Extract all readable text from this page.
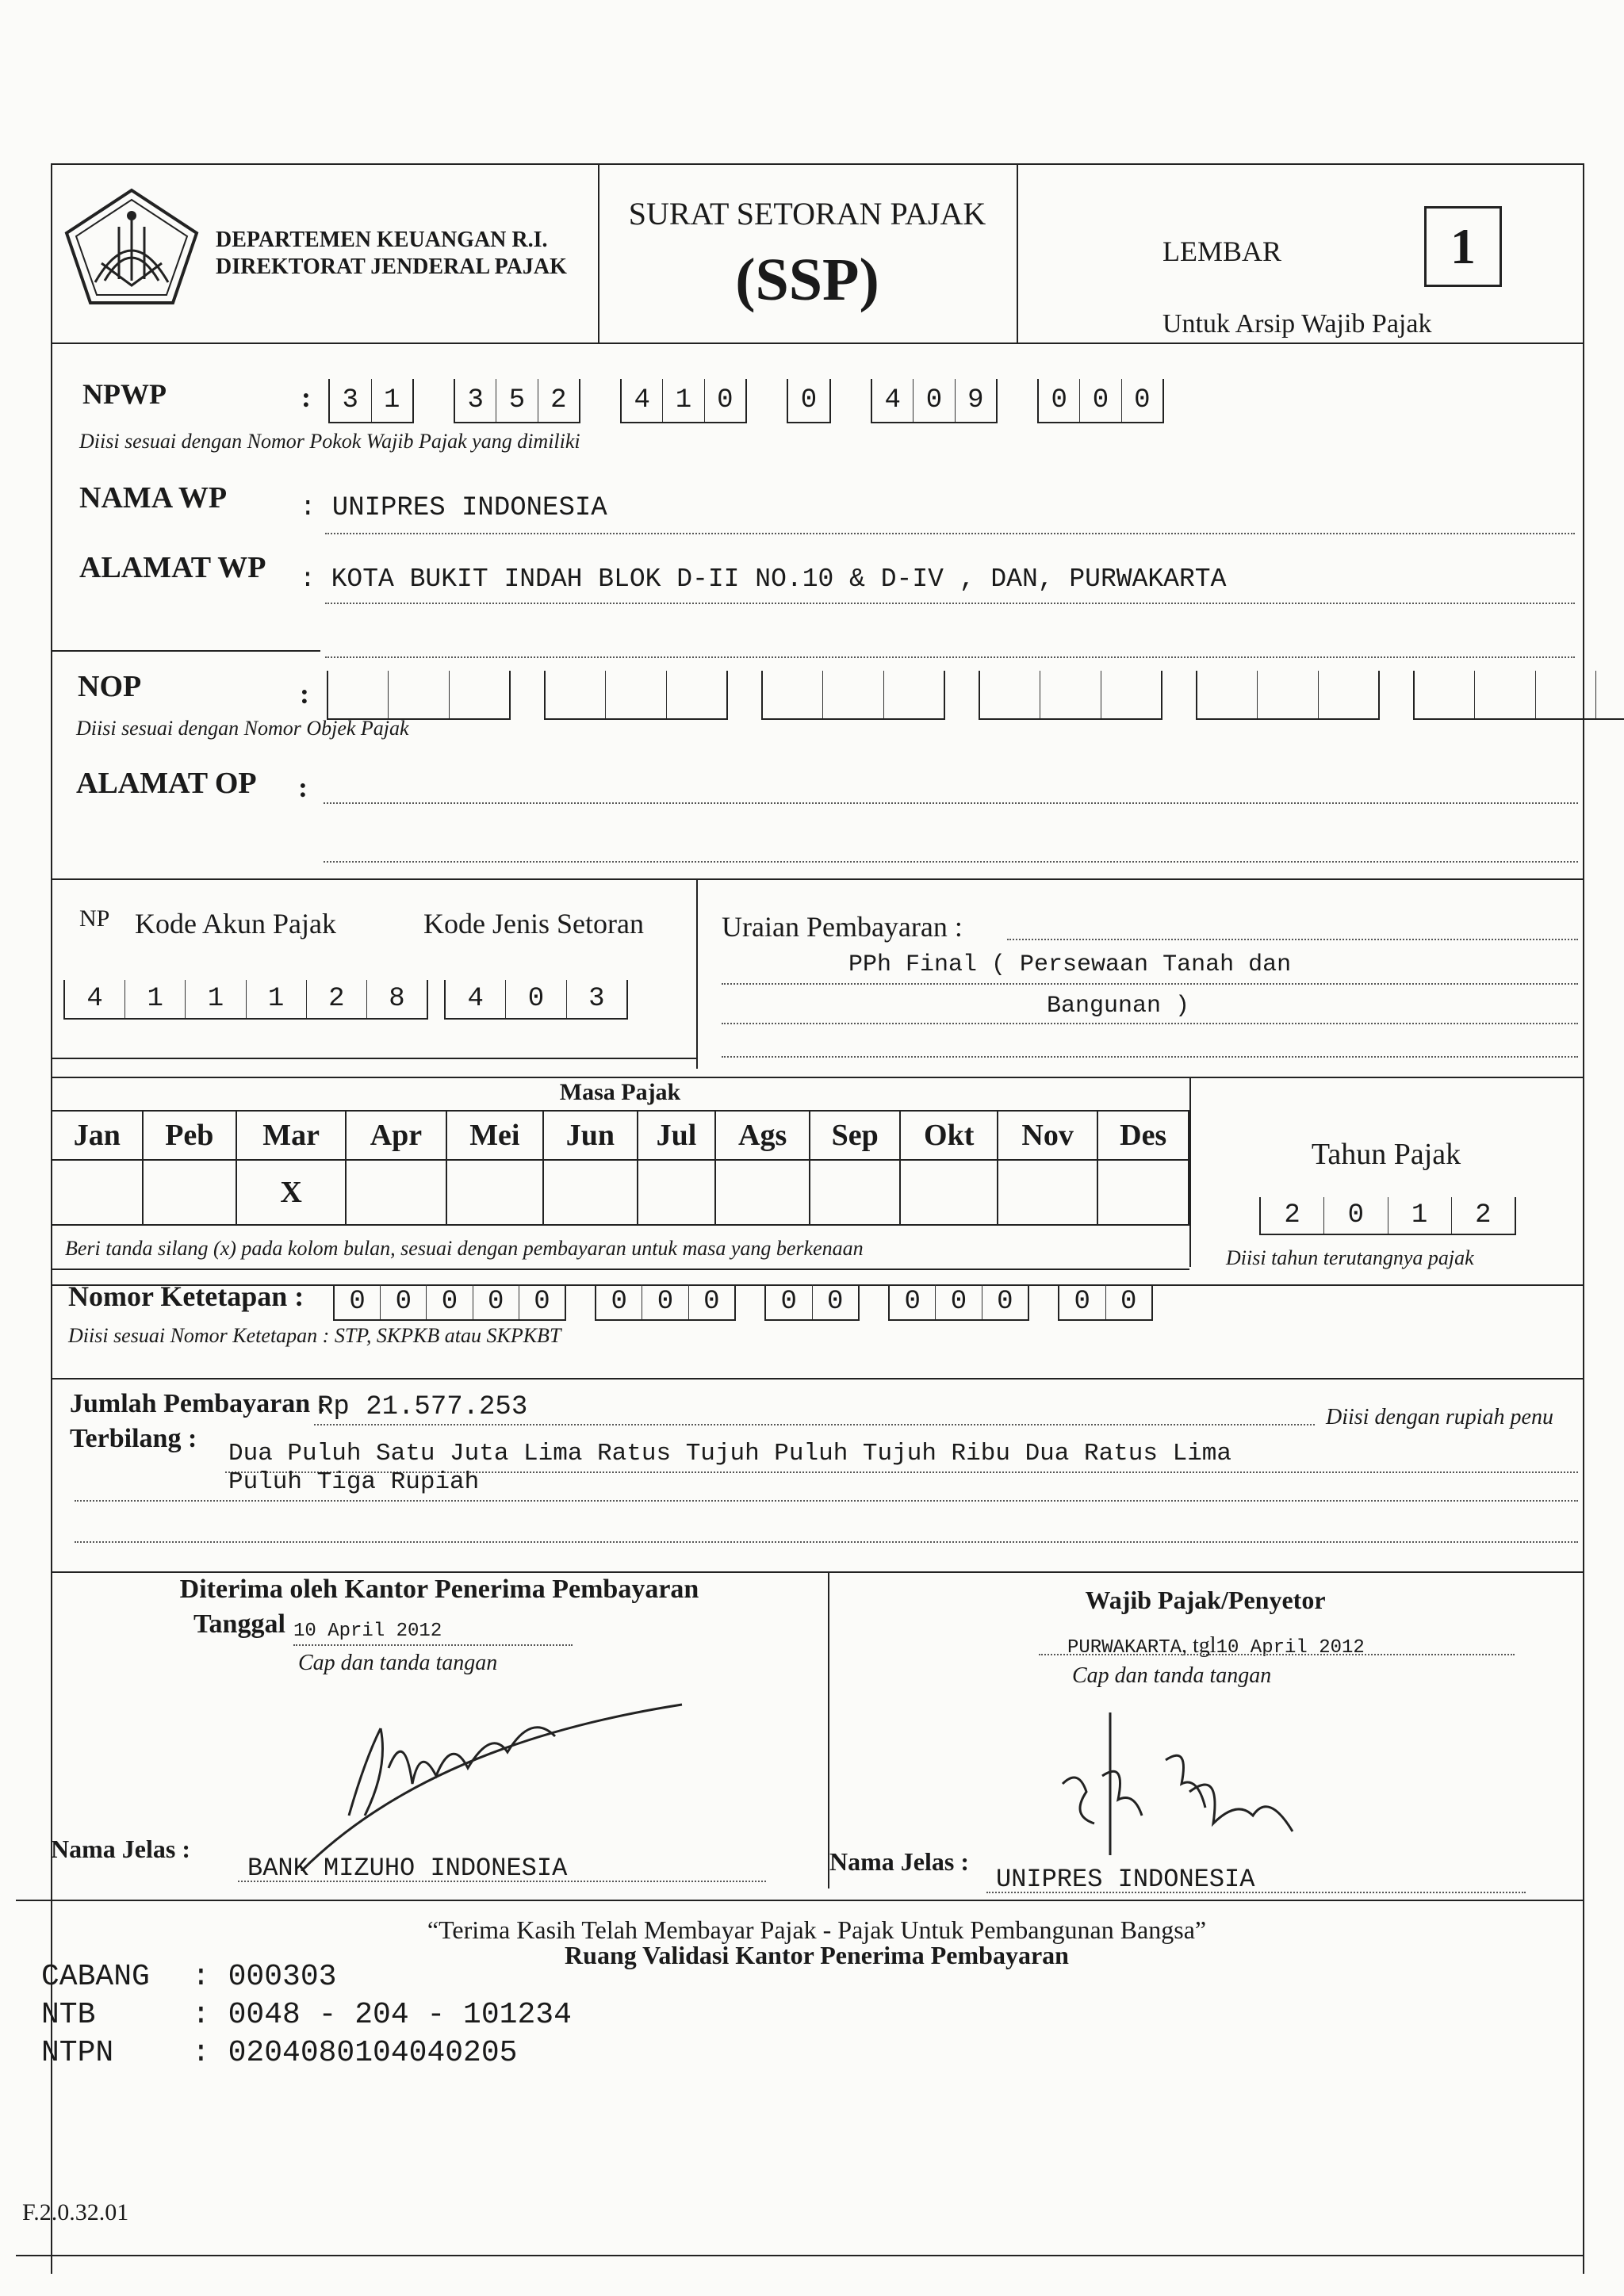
DEPARTEMEN KEUANGAN R.I.
DIREKTORAT JENDERAL PAJAK
SURAT SETORAN PAJAK
(SSP)	LEMBAR	1
Untuk Arsip Wajib Pajak
NPWP	:	3 1	3 5 2	4 1 0	0	4 0 9	0 0 0
Diisi sesuai dengan Nomor Pokok Wajib Pajak yang dimiliki
NAMA WP	: UNIPRES INDONESIA
ALAMAT WP : KOTA BUKIT INDAH BLOK D-II NO.10 & D-IV , DAN, PURWAKARTA
NOP	:
Diisi sesuai dengan Nomor Objek Pajak
ALAMAT OP :
NP Kode Akun Pajak	Kode Jenis Setoran
4	1	1	1	2	8	4	0	3
Uraian Pembayaran :
PPh Final ( Persewaan Tanah dan
Bangunan )
Masa Pajak
Jan	Peb	Mar	Apr	Mei	Jun	Jul	Ags	Sep	Okt	Nov	Des
		X									
Beri tanda silang (x) pada kolom bulan, sesuai dengan pembayaran untuk masa yang berkenaan
Tahun Pajak
2	0	1	2
Diisi tahun terutangnya pajak
Nomor Ketetapan :	0	0	0	0	0	0	0	0	0	0	0	0	0	0	0
Diisi sesuai Nomor Ketetapan : STP, SKPKB atau SKPKBT
Jumlah Pembayaran :
Rp 21.577.253	Diisi dengan rupiah penu
Terbilang :
Dua Puluh Satu Juta Lima Ratus Tujuh Puluh Tujuh Ribu Dua Ratus Lima
Puluh Tiga Rupiah
Diterima oleh Kantor Penerima Pembayaran
Tanggal 10 April 2012
Cap dan tanda tangan
Nama Jelas :
BANK MIZUHO INDONESIA
Wajib Pajak/Penyetor
PURWAKARTA, tgl10 April 2012
Cap dan tanda tangan
Nama Jelas :
UNIPRES INDONESIA
“Terima Kasih Telah Membayar Pajak - Pajak Untuk Pembangunan Bangsa”
Ruang Validasi Kantor Penerima Pembayaran
CABANG : 000303
NTB	: 0048 - 204 - 101234
NTPN	: 0204080104040205
F.2.0.32.01
